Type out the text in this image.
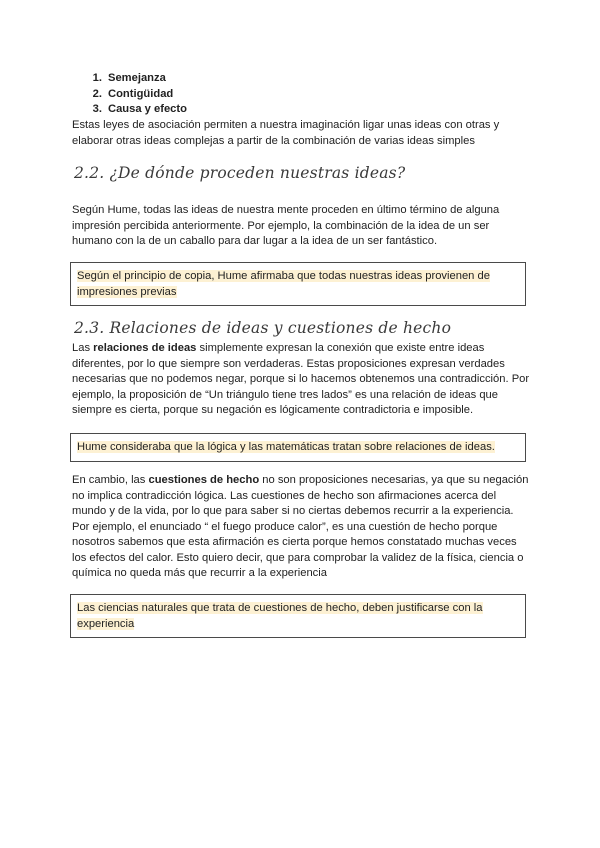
1. Semejanza
2. Contigüidad
3. Causa y efecto

Estas leyes de asociación permiten a nuestra imaginación ligar unas ideas con otras y elaborar otras ideas complejas a partir de la combinación de varias ideas simples

2.2. ¿De dónde proceden nuestras ideas?

Según Hume, todas las ideas de nuestra mente proceden en último término de alguna impresión percibida anteriormente. Por ejemplo, la combinación de la idea de un ser humano con la de un caballo para dar lugar a la idea de un ser fantástico.

Según el principio de copia, Hume afirmaba que todas nuestras ideas provienen de impresiones previas
2.3. Relaciones de ideas y cuestiones de hecho

Las relaciones de ideas simplemente expresan la conexión que existe entre ideas diferentes, por lo que siempre son verdaderas. Estas proposiciones expresan verdades necesarias que no podemos negar, porque si lo hacemos obtenemos una contradicción. Por ejemplo, la proposición de “Un triángulo tiene tres lados” es una relación de ideas que siempre es cierta, porque su negación es lógicamente contradictoria e imposible.

Hume consideraba que la lógica y las matemáticas tratan sobre relaciones de ideas.

En cambio, las cuestiones de hecho no son proposiciones necesarias, ya que su negación no implica contradicción lógica. Las cuestiones de hecho son afirmaciones acerca del mundo y de la vida, por lo que para saber si no ciertas debemos recurrir a la experiencia. Por ejemplo, el enunciado “ el fuego produce calor”, es una cuestión de hecho porque nosotros sabemos que esta afirmación es cierta porque hemos constatado muchas veces los efectos del calor. Esto quiero decir, que para comprobar la validez de la física, ciencia o química no queda más que recurrir a la experiencia

Las ciencias naturales que trata de cuestiones de hecho, deben justificarse con la experiencia
